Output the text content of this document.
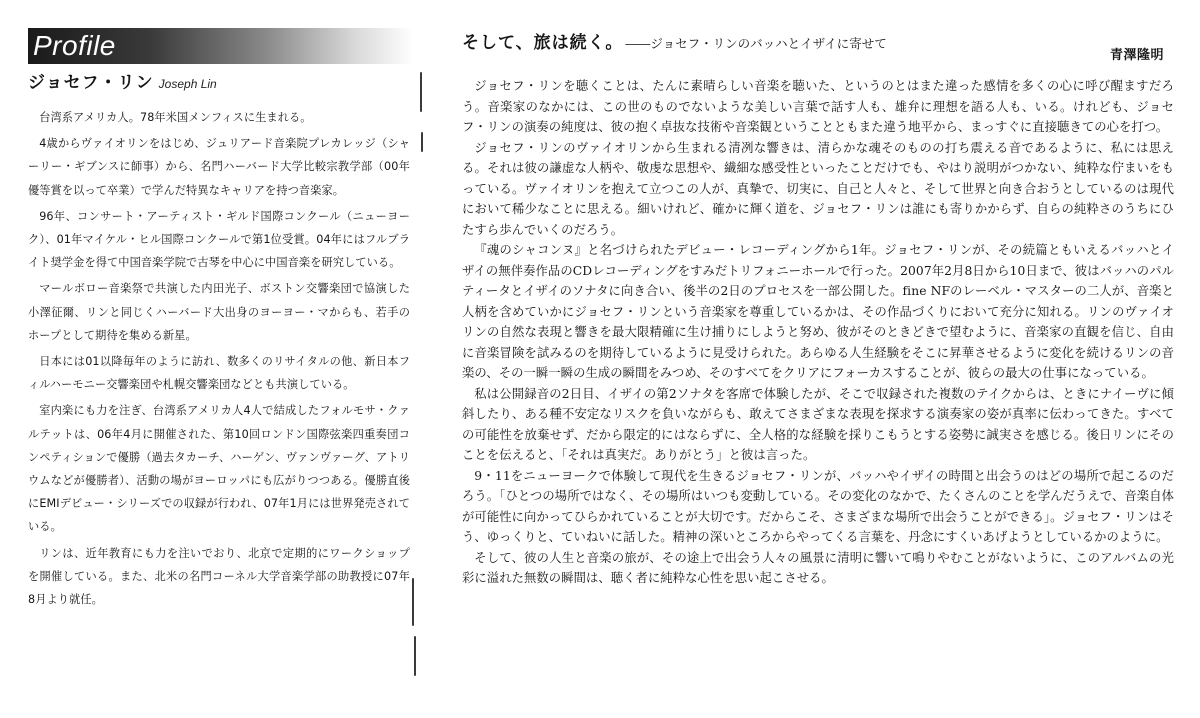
Profile
ジョセフ・リン Joseph Lin

台湾系アメリカ人。78年米国メンフィスに生まれる。

4歳からヴァイオリンをはじめ、ジュリアード音楽院プレカレッジ（シャーリー・ギブンスに師事）から、名門ハーバード大学比較宗教学部（00年優等賞を以って卒業）で学んだ特異なキャリアを持つ音楽家。

96年、コンサート・アーティスト・ギルド国際コンクール（ニューヨーク）、01年マイケル・ヒル国際コンクールで第1位受賞。04年にはフルブライト奨学金を得て中国音楽学院で古琴を中心に中国音楽を研究している。

マールボロー音楽祭で共演した内田光子、ボストン交響楽団で協演した小澤征爾、リンと同じくハーバード大出身のヨーヨー・マからも、若手のホープとして期待を集める新星。

日本には01以降毎年のように訪れ、数多くのリサイタルの他、新日本フィルハーモニー交響楽団や札幌交響楽団などとも共演している。

室内楽にも力を注ぎ、台湾系アメリカ人4人で結成したフォルモサ・クァルテットは、06年4月に開催された、第10回ロンドン国際弦楽四重奏団コンペティションで優勝（過去タカーチ、ハーゲン、ヴァンヴァーグ、アトリウムなどが優勝者）、活動の場がヨーロッパにも広がりつつある。優勝直後にEMIデビュー・シリーズでの収録が行われ、07年1月には世界発売されている。

リンは、近年教育にも力を注いでおり、北京で定期的にワークショップを開催している。また、北米の名門コーネル大学音楽学部の助教授に07年8月より就任。

そして、旅は続く。 ――ジョセフ・リンのバッハとイザイに寄せて
青澤隆明

ジョセフ・リンを聴くことは、たんに素晴らしい音楽を聴いた、というのとはまた違った感情を多くの心に呼び醒ますだろう。音楽家のなかには、この世のものでないような美しい言葉で話す人も、雄弁に理想を語る人も、いる。けれども、ジョセフ・リンの演奏の純度は、彼の抱く卓抜な技術や音楽観ということともまた違う地平から、まっすぐに直接聴きての心を打つ。

ジョセフ・リンのヴァイオリンから生まれる清冽な響きは、清らかな魂そのものの打ち震える音であるように、私には思える。それは彼の謙虚な人柄や、敬虔な思想や、繊細な感受性といったことだけでも、やはり説明がつかない、純粋な佇まいをもっている。ヴァイオリンを抱えて立つこの人が、真摯で、切実に、自己と人々と、そして世界と向き合おうとしているのは現代において稀少なことに思える。細いけれど、確かに輝く道を、ジョセフ・リンは誰にも寄りかからず、自らの純粋さのうちにひたすら歩んでいくのだろう。

『魂のシャコンヌ』と名づけられたデビュー・レコーディングから1年。ジョセフ・リンが、その続篇ともいえるバッハとイザイの無伴奏作品のCDレコーディングをすみだトリフォニーホールで行った。2007年2月8日から10日まで、彼はバッハのパルティータとイザイのソナタに向き合い、後半の2日のプロセスを一部公開した。fine NFのレーベル・マスターの二人が、音楽と人柄を含めていかにジョセフ・リンという音楽家を尊重しているかは、その作品づくりにおいて充分に知れる。リンのヴァイオリンの自然な表現と響きを最大限精確に生け捕りにしようと努め、彼がそのときどきで望むように、音楽家の直観を信じ、自由に音楽冒険を試みるのを期待しているように見受けられた。あらゆる人生経験をそこに昇華させるように変化を続けるリンの音楽の、その一瞬一瞬の生成の瞬間をみつめ、そのすべてをクリアにフォーカスすることが、彼らの最大の仕事になっている。

私は公開録音の2日目、イザイの第2ソナタを客席で体験したが、そこで収録された複数のテイクからは、ときにナイーヴに傾斜したり、ある種不安定なリスクを負いながらも、敢えてさまざまな表現を探求する演奏家の姿が真率に伝わってきた。すべての可能性を放棄せず、だから限定的にはならずに、全人格的な経験を採りこもうとする姿勢に誠実さを感じる。後日リンにそのことを伝えると、「それは真実だ。ありがとう」と彼は言った。

9・11をニューヨークで体験して現代を生きるジョセフ・リンが、バッハやイザイの時間と出会うのはどの場所で起こるのだろう。「ひとつの場所ではなく、その場所はいつも変動している。その変化のなかで、たくさんのことを学んだうえで、音楽自体が可能性に向かってひらかれていることが大切です。だからこそ、さまざまな場所で出会うことができる」。ジョセフ・リンはそう、ゆっくりと、ていねいに話した。精神の深いところからやってくる言葉を、丹念にすくいあげようとしているかのように。

そして、彼の人生と音楽の旅が、その途上で出会う人々の風景に清明に響いて鳴りやむことがないように、このアルバムの光彩に溢れた無数の瞬間は、聴く者に純粋な心性を思い起こさせる。
